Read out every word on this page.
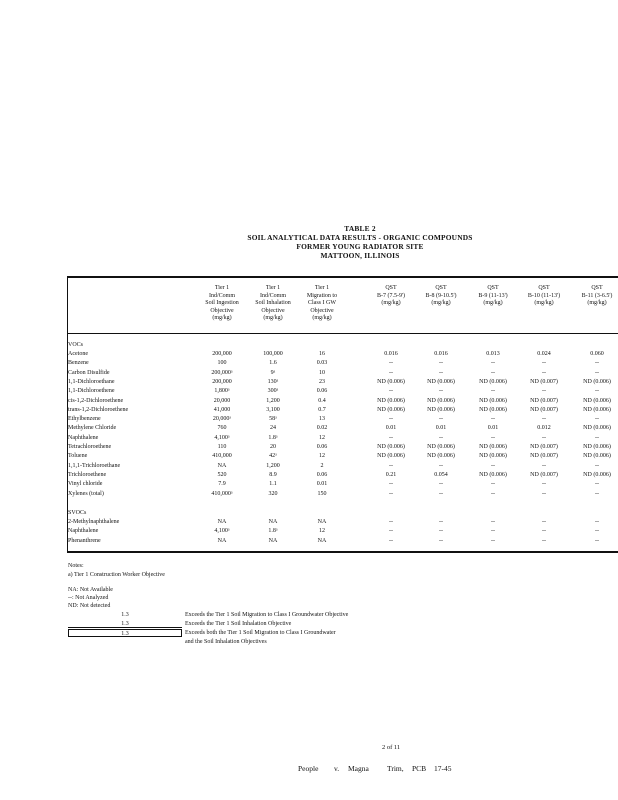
TABLE 2
SOIL ANALYTICAL DATA RESULTS - ORGANIC COMPOUNDS
FORMER YOUNG RADIATOR SITE
MATTOON, ILLINOIS
Tier 1
Ind/Comm
Soil Ingestion
Objective
(mg/kg)
Tier 1
Ind/Comm
Soil Inhalation
Objective
(mg/kg)
Tier 1
Migration to
Class I GW
Objective
(mg/kg)
QST
B-7 (7.5-9')
(mg/kg)
QST
B-8 (9-10.5')
(mg/kg)
QST
B-9 (11-13')
(mg/kg)
QST
B-10 (11-13')
(mg/kg)
QST
B-11 (3-6.5')
(mg/kg)
VOCs
Acetone	200,000	100,000	16	0.016	0.016	0.013	0.024	0.060
Benzene	100	1.6	0.03	--	--	--	--	--
Carbon Disulfide	200,000ᵃ	9ᵃ	10	--	--	--	--	--
1,1-Dichloroethane	200,000	130ᵃ	23	ND (0.006)	ND (0.006)	ND (0.006)	ND (0.007)	ND (0.006)
1,1-Dichloroethene	1,800ᵃ	300ᵃ	0.06	--	--	--	--	--
cis-1,2-Dichloroethene	20,000	1,200	0.4	ND (0.006)	ND (0.006)	ND (0.006)	ND (0.007)	ND (0.006)
trans-1,2-Dichloroethene	41,000	3,100	0.7	ND (0.006)	ND (0.006)	ND (0.006)	ND (0.007)	ND (0.006)
Ethylbenzene	20,000ᵃ	58ᵃ	13	--	--	--	--	--
Methylene Chloride	760	24	0.02	0.01	0.01	0.01	0.012	ND (0.006)
Naphthalene	4,100ᵃ	1.8ᵃ	12	--	--	--	--	--
Tetrachloroethene	110	20	0.06	ND (0.006)	ND (0.006)	ND (0.006)	ND (0.007)	ND (0.006)
Toluene	410,000	42ᵃ	12	ND (0.006)	ND (0.006)	ND (0.006)	ND (0.007)	ND (0.006)
1,1,1-Trichloroethane	NA	1,200	2	--	--	--	--	--
Trichloroethene	520	8.9	0.06	0.21	0.054	ND (0.006)	ND (0.007)	ND (0.006)
Vinyl chloride	7.9	1.1	0.01	--	--	--	--	--
Xylenes (total)	410,000ᵃ	320	150	--	--	--	--	--
SVOCs
2-Methylnaphthalene	NA	NA	NA	--	--	--	--	--
Naphthalene	4,100ᵃ	1.8ᵃ	12	--	--	--	--	--
Phenanthrene	NA	NA	NA	--	--	--	--	--
Notes:
a) Tier 1 Construction Worker Objective
NA: Not Available
--: Not Analyzed
ND: Not detected
1.3	Exceeds the Tier 1 Soil Migration to Class I Groundwater Objective
1.3	Exceeds the Tier 1 Soil Inhalation Objective
1.3	Exceeds both the Tier 1 Soil Migration to Class I Groundwater
and the Soil Inhalation Objectives
2 of 11
People v. Magna Trim, PCB 17-45
